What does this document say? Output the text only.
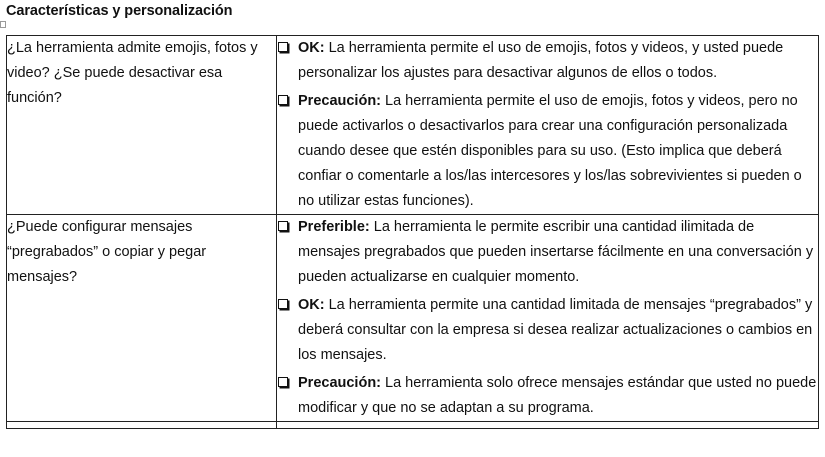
Características y personalización
¿La herramienta admite emojis, fotos y video? ¿Se puede desactivar esa función?	OK: La herramienta permite el uso de emojis, fotos y videos, y usted puede personalizar los ajustes para desactivar algunos de ellos o todos.
Precaución: La herramienta permite el uso de emojis, fotos y videos, pero no puede activarlos o desactivarlos para crear una configuración personalizada cuando desee que estén disponibles para su uso. (Esto implica que deberá confiar o comentarle a los/las intercesores y los/las sobrevivientes si pueden o no utilizar estas funciones).

¿Puede configurar mensajes “pregrabados” o copiar y pegar mensajes?	Preferible: La herramienta le permite escribir una cantidad ilimitada de mensajes pregrabados que pueden insertarse fácilmente en una conversación y pueden actualizarse en cualquier momento.
OK: La herramienta permite una cantidad limitada de mensajes “pregrabados” y deberá consultar con la empresa si desea realizar actualizaciones o cambios en los mensajes.
Precaución: La herramienta solo ofrece mensajes estándar que usted no puede modificar y que no se adaptan a su programa.
